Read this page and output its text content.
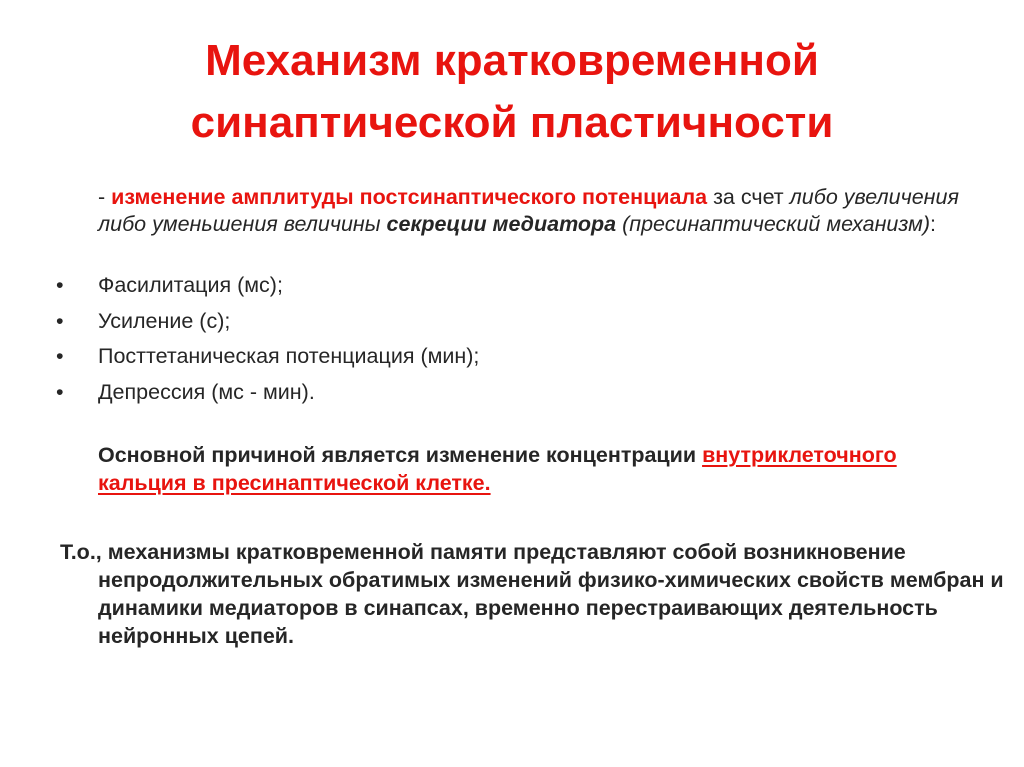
Механизм кратковременной
синаптической пластичности
- изменение амплитуды постсинаптического потенциала за счет либо увеличения либо уменьшения величины секреции медиатора (пресинаптический механизм):
• Фасилитация (мс);
• Усиление (с);
• Посттетаническая потенциация (мин);
• Депрессия (мс - мин).
Основной причиной является изменение концентрации внутриклеточного кальция в пресинаптической клетке.
Т.о., механизмы кратковременной памяти представляют собой возникновение непродолжительных обратимых изменений физико-химических свойств мембран и динамики медиаторов в синапсах, временно перестраивающих деятельность нейронных цепей.
